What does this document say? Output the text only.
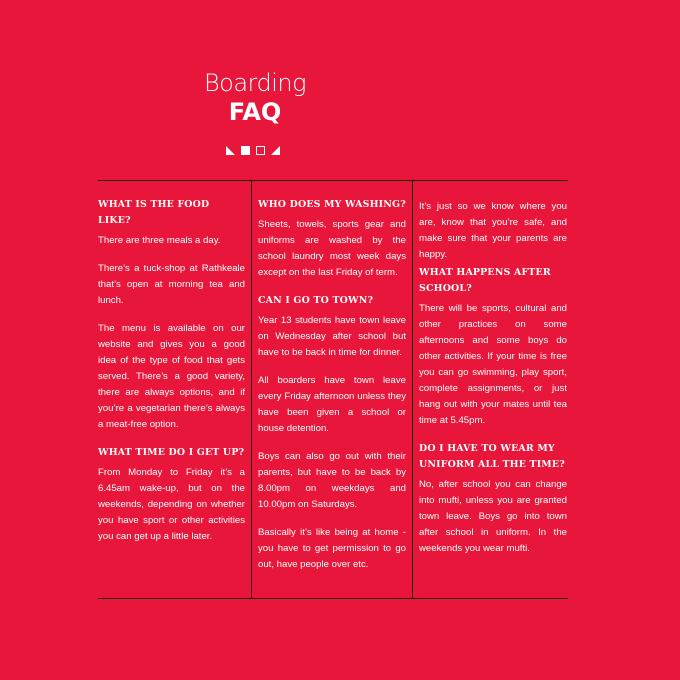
Boarding
FAQ
WHAT IS THE FOOD LIKE?

There are three meals a day.

There’s a tuck-shop at Rathkeale that’s open at morning tea and lunch.

The menu is available on our website and gives you a good idea of the type of food that gets served. There’s a good variety, there are always options, and if you’re a vegetarian there’s always a meat-free option.

WHAT TIME DO I GET UP?

From Monday to Friday it’s a 6.45am wake-up, but on the weekends, depending on whether you have sport or other activities you can get up a little later.

WHO DOES MY WASHING?

Sheets, towels, sports gear and uniforms are washed by the school laundry most week days except on the last Friday of term.

CAN I GO TO TOWN?

Year 13 students have town leave on Wednesday after school but have to be back in time for dinner.

All boarders have town leave every Friday afternoon unless they have been given a school or house detention.

Boys can also go out with their parents, but have to be back by 8.00pm on weekdays and 10.00pm on Saturdays.

Basically it’s like being at home - you have to get permission to go out, have people over etc.

It’s just so we know where you are, know that you’re safe, and make sure that your parents are happy.

WHAT HAPPENS AFTER SCHOOL?

There will be sports, cultural and other practices on some afternoons and some boys do other activities. If your time is free you can go swimming, play sport, complete assignments, or just hang out with your mates until tea time at 5.45pm.

DO I HAVE TO WEAR MY UNIFORM ALL THE TIME?

No, after school you can change into mufti, unless you are granted town leave. Boys go into town after school in uniform. In the weekends you wear mufti.
